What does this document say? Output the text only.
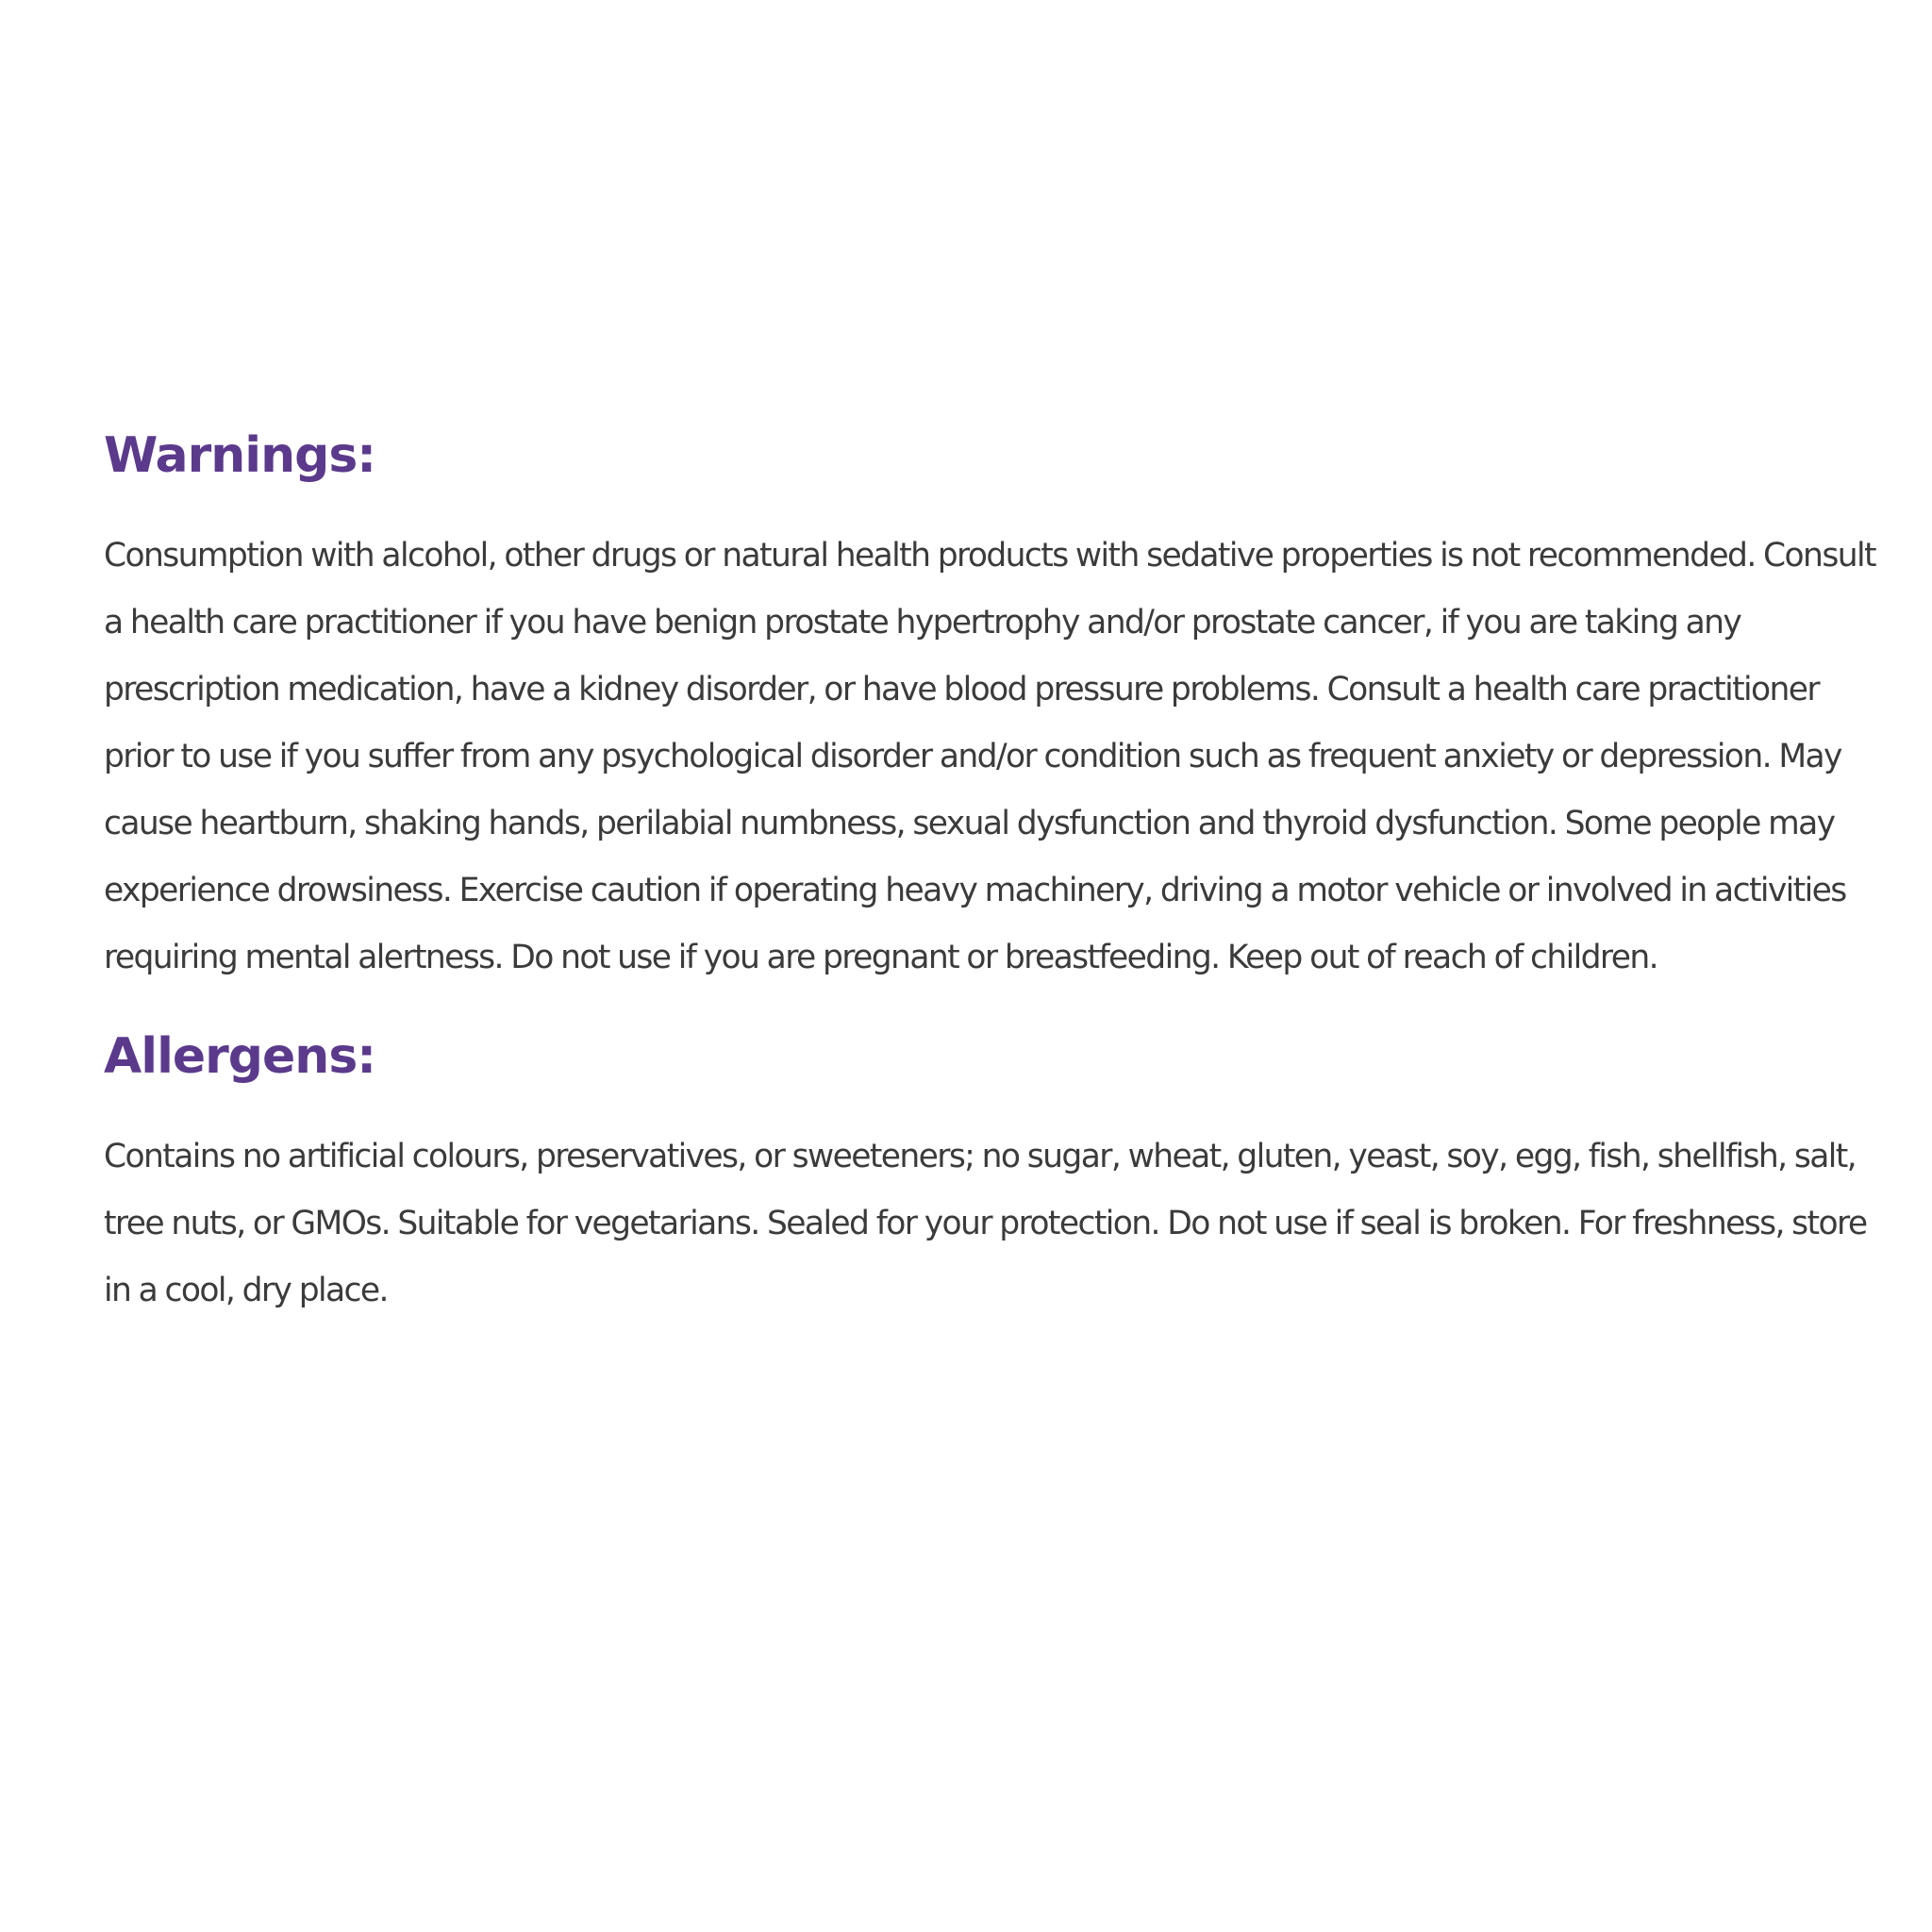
Warnings:

Consumption with alcohol, other drugs or natural health products with sedative properties is not recommended. Consult a health care practitioner if you have benign prostate hypertrophy and/or prostate cancer, if you are taking any prescription medication, have a kidney disorder, or have blood pressure problems. Consult a health care practitioner prior to use if you suffer from any psychological disorder and/or condition such as frequent anxiety or depression. May cause heartburn, shaking hands, perilabial numbness, sexual dysfunction and thyroid dysfunction. Some people may experience drowsiness. Exercise caution if operating heavy machinery, driving a motor vehicle or involved in activities requiring mental alertness. Do not use if you are pregnant or breastfeeding. Keep out of reach of children.

Allergens:

Contains no artificial colours, preservatives, or sweeteners; no sugar, wheat, gluten, yeast, soy, egg, fish, shellfish, salt, tree nuts, or GMOs. Suitable for vegetarians. Sealed for your protection. Do not use if seal is broken. For freshness, store in a cool, dry place.
